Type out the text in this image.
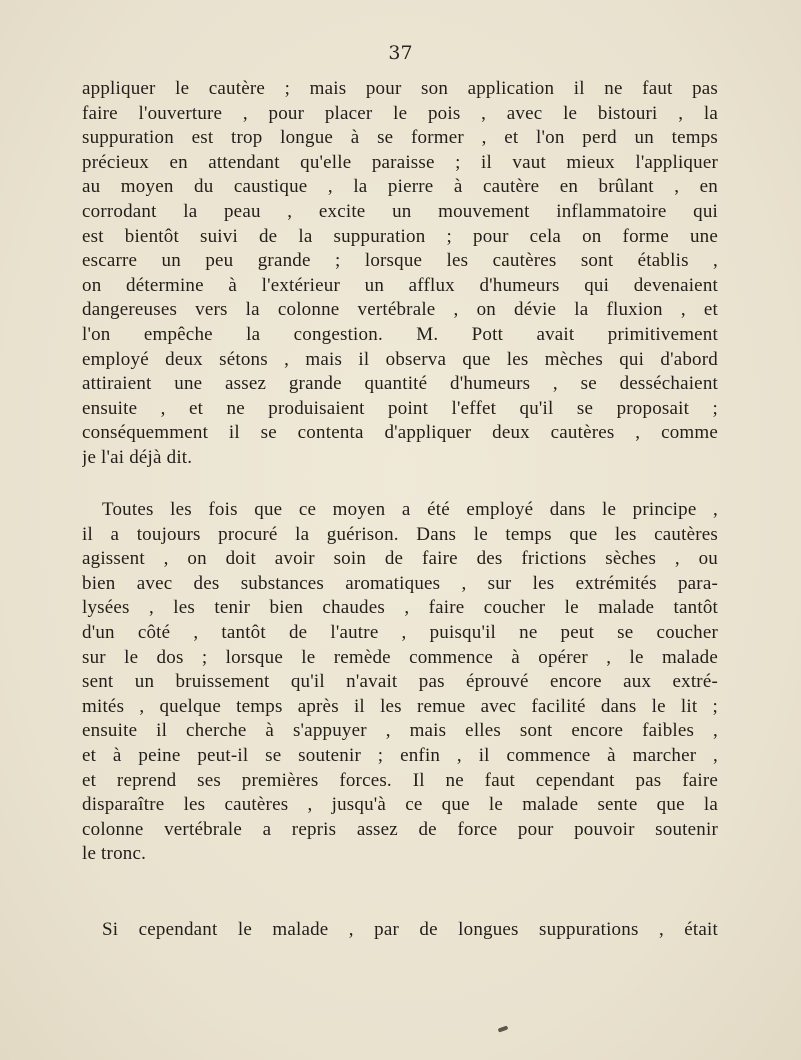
37
appliquer le cautère ; mais pour son application il ne faut pas
faire l'ouverture , pour placer le pois , avec le bistouri , la
suppuration est trop longue à se former , et l'on perd un temps
précieux en attendant qu'elle paraisse ; il vaut mieux l'appliquer
au moyen du caustique , la pierre à cautère en brûlant , en
corrodant la peau , excite un mouvement inflammatoire qui
est bientôt suivi de la suppuration ; pour cela on forme une
escarre un peu grande ; lorsque les cautères sont établis ,
on détermine à l'extérieur un afflux d'humeurs qui devenaient
dangereuses vers la colonne vertébrale , on dévie la fluxion , et
l'on empêche la congestion. M. Pott avait primitivement
employé deux sétons , mais il observa que les mèches qui d'abord
attiraient une assez grande quantité d'humeurs , se desséchaient
ensuite , et ne produisaient point l'effet qu'il se proposait ;
conséquemment il se contenta d'appliquer deux cautères , comme
je l'ai déjà dit.
Toutes les fois que ce moyen a été employé dans le principe ,
il a toujours procuré la guérison. Dans le temps que les cautères
agissent , on doit avoir soin de faire des frictions sèches , ou
bien avec des substances aromatiques , sur les extrémités para-
lysées , les tenir bien chaudes , faire coucher le malade tantôt
d'un côté , tantôt de l'autre , puisqu'il ne peut se coucher
sur le dos ; lorsque le remède commence à opérer , le malade
sent un bruissement qu'il n'avait pas éprouvé encore aux extré-
mités , quelque temps après il les remue avec facilité dans le lit ;
ensuite il cherche à s'appuyer , mais elles sont encore faibles ,
et à peine peut-il se soutenir ; enfin , il commence à marcher ,
et reprend ses premières forces. Il ne faut cependant pas faire
disparaître les cautères , jusqu'à ce que le malade sente que la
colonne vertébrale a repris assez de force pour pouvoir soutenir
le tronc.
Si cependant le malade , par de longues suppurations , était
